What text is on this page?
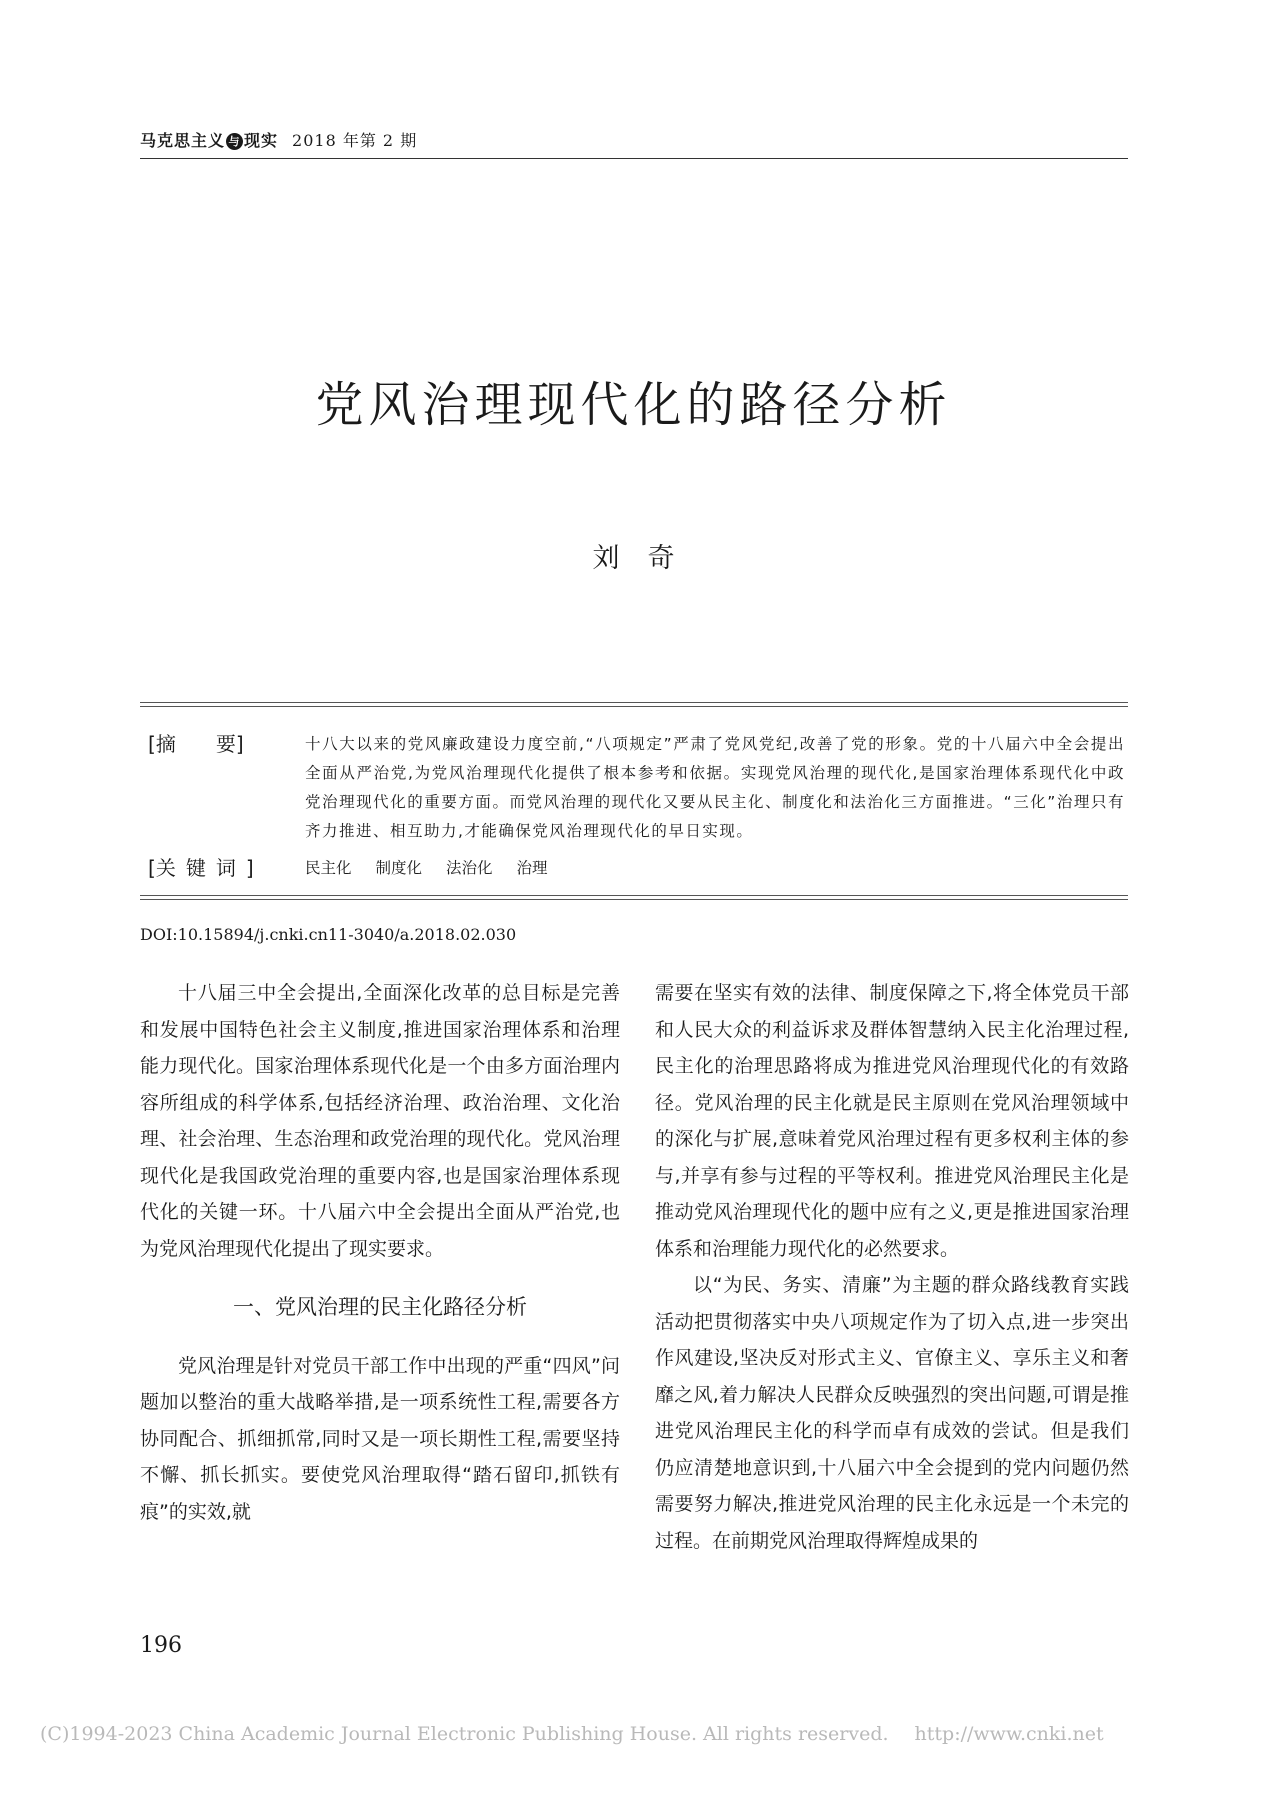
马克思主义 与 现实 2018 年第 2 期
党风治理现代化的路径分析
刘 奇
[摘 要]	十八大以来的党风廉政建设力度空前,“八项规定”严肃了党风党纪,改善了党的形象。党的十八届六中全会提出全面从严治党,为党风治理现代化提供了根本参考和依据。实现党风治理的现代化,是国家治理体系现代化中政党治理现代化的重要方面。而党风治理的现代化又要从民主化、制度化和法治化三方面推进。“三化”治理只有齐力推进、相互助力,才能确保党风治理现代化的早日实现。
[关 键 词 ]	民主化 制度化 法治化 治理
DOI:10.15894/j.cnki.cn11-3040/a.2018.02.030

十八届三中全会提出,全面深化改革的总目标是完善和发展中国特色社会主义制度,推进国家治理体系和治理能力现代化。国家治理体系现代化是一个由多方面治理内容所组成的科学体系,包括经济治理、政治治理、文化治理、社会治理、生态治理和政党治理的现代化。党风治理现代化是我国政党治理的重要内容,也是国家治理体系现代化的关键一环。十八届六中全会提出全面从严治党,也为党风治理现代化提出了现实要求。

一、党风治理的民主化路径分析

党风治理是针对党员干部工作中出现的严重“四风”问题加以整治的重大战略举措,是一项系统性工程,需要各方协同配合、抓细抓常,同时又是一项长期性工程,需要坚持不懈、抓长抓实。要使党风治理取得“踏石留印,抓铁有痕”的实效,就

需要在坚实有效的法律、制度保障之下,将全体党员干部和人民大众的利益诉求及群体智慧纳入民主化治理过程,民主化的治理思路将成为推进党风治理现代化的有效路径。党风治理的民主化就是民主原则在党风治理领域中的深化与扩展,意味着党风治理过程有更多权利主体的参与,并享有参与过程的平等权利。推进党风治理民主化是推动党风治理现代化的题中应有之义,更是推进国家治理体系和治理能力现代化的必然要求。

以“为民、务实、清廉”为主题的群众路线教育实践活动把贯彻落实中央八项规定作为了切入点,进一步突出作风建设,坚决反对形式主义、官僚主义、享乐主义和奢靡之风,着力解决人民群众反映强烈的突出问题,可谓是推进党风治理民主化的科学而卓有成效的尝试。但是我们仍应清楚地意识到,十八届六中全会提到的党内问题仍然需要努力解决,推进党风治理的民主化永远是一个未完的过程。在前期党风治理取得辉煌成果的

196
(C)1994-2023 China Academic Journal Electronic Publishing House. All rights reserved. http://www.cnki.net
